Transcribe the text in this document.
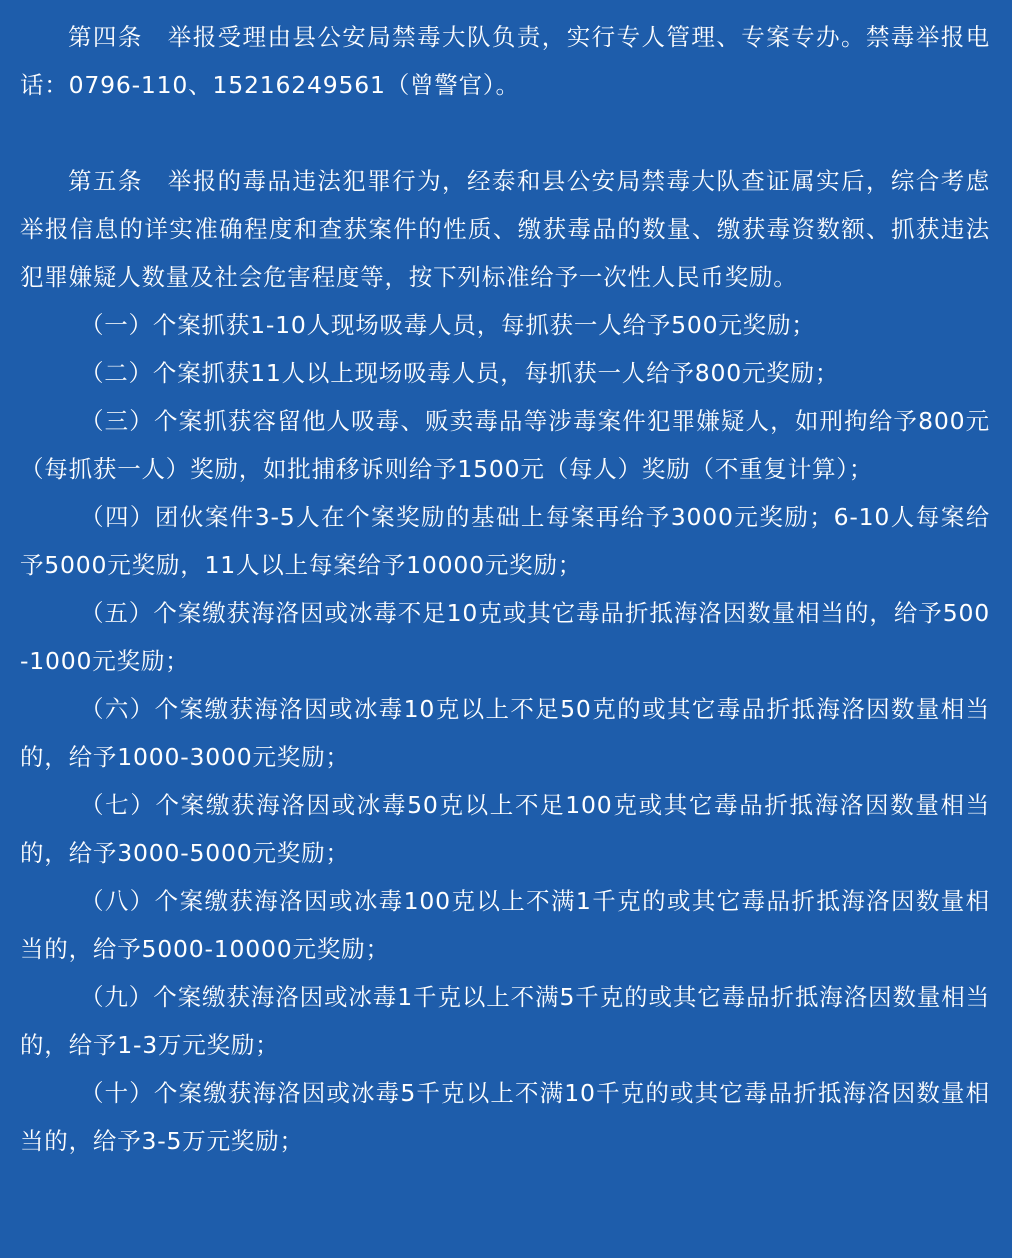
第四条　举报受理由县公安局禁毒大队负责，实行专人管理、专案专办。禁毒举报电话：0796-110、15216249561（曾警官）。

第五条　举报的毒品违法犯罪行为，经泰和县公安局禁毒大队查证属实后，综合考虑举报信息的详实准确程度和查获案件的性质、缴获毒品的数量、缴获毒资数额、抓获违法犯罪嫌疑人数量及社会危害程度等，按下列标准给予一次性人民币奖励。

（一）个案抓获1-10人现场吸毒人员，每抓获一人给予500元奖励；

（二）个案抓获11人以上现场吸毒人员，每抓获一人给予800元奖励；

（三）个案抓获容留他人吸毒、贩卖毒品等涉毒案件犯罪嫌疑人，如刑拘给予800元（每抓获一人）奖励，如批捕移诉则给予1500元（每人）奖励（不重复计算）；

（四）团伙案件3-5人在个案奖励的基础上每案再给予3000元奖励；6-10人每案给予5000元奖励，11人以上每案给予10000元奖励；

（五）个案缴获海洛因或冰毒不足10克或其它毒品折抵海洛因数量相当的，给予500-1000元奖励；

（六）个案缴获海洛因或冰毒10克以上不足50克的或其它毒品折抵海洛因数量相当的，给予1000-3000元奖励；

（七）个案缴获海洛因或冰毒50克以上不足100克或其它毒品折抵海洛因数量相当的，给予3000-5000元奖励；

（八）个案缴获海洛因或冰毒100克以上不满1千克的或其它毒品折抵海洛因数量相当的，给予5000-10000元奖励；

（九）个案缴获海洛因或冰毒1千克以上不满5千克的或其它毒品折抵海洛因数量相当的，给予1-3万元奖励；

（十）个案缴获海洛因或冰毒5千克以上不满10千克的或其它毒品折抵海洛因数量相当的，给予3-5万元奖励；
